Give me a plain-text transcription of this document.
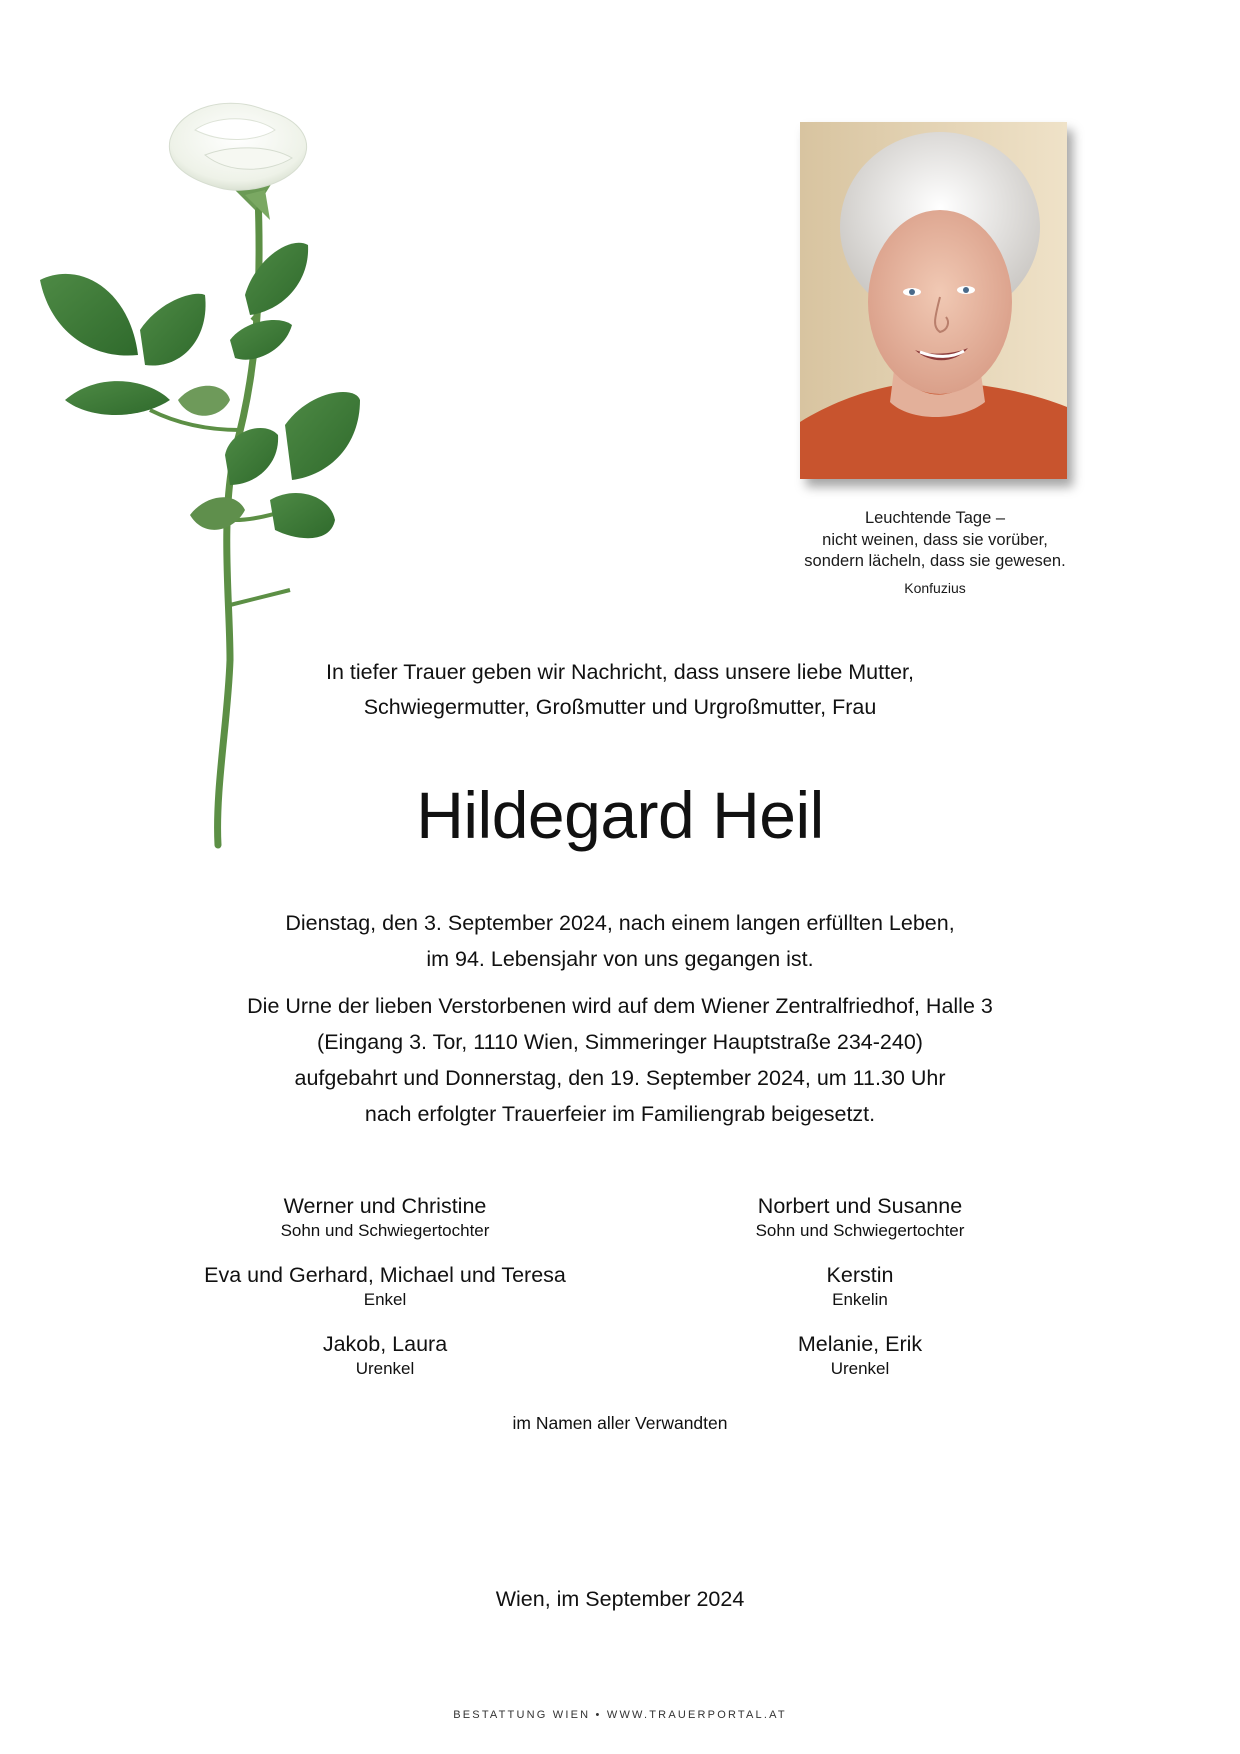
Leuchtende Tage –
nicht weinen, dass sie vorüber,
sondern lächeln, dass sie gewesen.
Konfuzius
In tiefer Trauer geben wir Nachricht, dass unsere liebe Mutter,
Schwiegermutter, Großmutter und Urgroßmutter, Frau
Hildegard Heil
Dienstag, den 3. September 2024, nach einem langen erfüllten Leben,
im 94. Lebensjahr von uns gegangen ist.
Die Urne der lieben Verstorbenen wird auf dem Wiener Zentralfriedhof, Halle 3
(Eingang 3. Tor, 1110 Wien, Simmeringer Hauptstraße 234-240)
aufgebahrt und Donnerstag, den 19. September 2024, um 11.30 Uhr
nach erfolgter Trauerfeier im Familiengrab beigesetzt.
Werner und Christine
Sohn und Schwiegertochter
Eva und Gerhard, Michael und Teresa
Enkel
Jakob, Laura
Urenkel
Norbert und Susanne
Sohn und Schwiegertochter
Kerstin
Enkelin
Melanie, Erik
Urenkel
im Namen aller Verwandten
Wien, im September 2024
BESTATTUNG WIEN • WWW.TRAUERPORTAL.AT
